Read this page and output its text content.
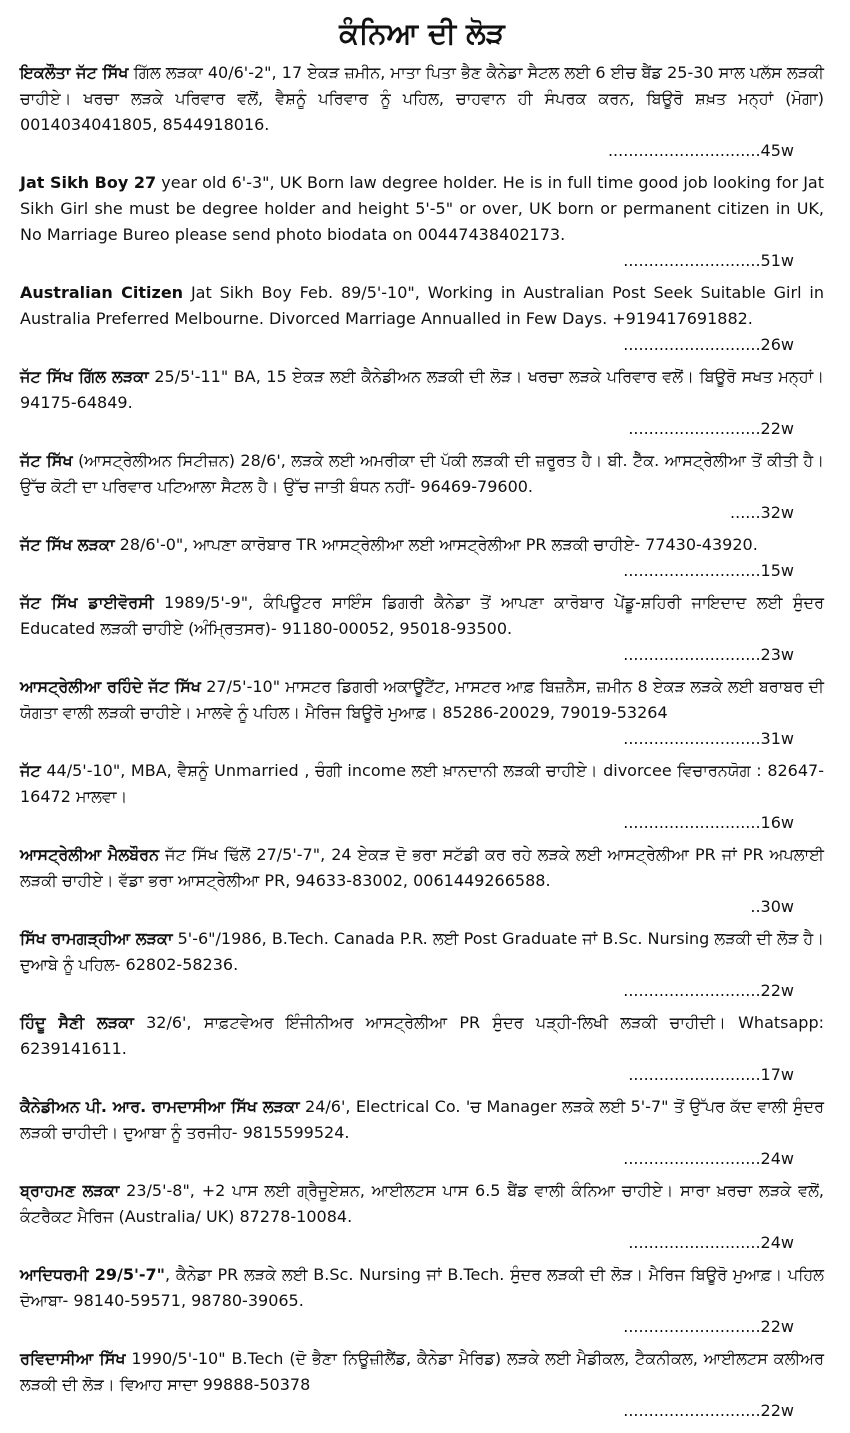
ਕੰਨਿਆ ਦੀ ਲੋੜ

ਇਕਲੌਤਾ ਜੱਟ ਸਿੱਖ ਗਿੱਲ ਲੜਕਾ 40/6'-2", 17 ਏਕੜ ਜ਼ਮੀਨ, ਮਾਤਾ ਪਿਤਾ ਭੈਣ ਕੈਨੇਡਾ ਸੈਟਲ ਲਈ 6 ਈਚ ਬੈਂਡ 25-30 ਸਾਲ ਪਲੱਸ ਲੜਕੀ ਚਾਹੀਏ। ਖਰਚਾ ਲੜਕੇ ਪਰਿਵਾਰ ਵਲੋਂ, ਵੈਸ਼ਨੂੰ ਪਰਿਵਾਰ ਨੂੰ ਪਹਿਲ, ਚਾਹਵਾਨ ਹੀ ਸੰਪਰਕ ਕਰਨ, ਬਿਊਰੋ ਸ਼ਖ਼ਤ ਮਨ੍ਹਾਂ (ਮੋਗਾ) 0014034041805, 8544918016.
..............................45w

Jat Sikh Boy 27 year old 6'-3", UK Born law degree holder. He is in full time good job looking for Jat Sikh Girl she must be degree holder and height 5'-5" or over, UK born or permanent citizen in UK, No Marriage Bureo please send photo biodata on 00447438402173.
...........................51w

Australian Citizen Jat Sikh Boy Feb. 89/5'-10", Working in Australian Post Seek Suitable Girl in Australia Preferred Melbourne. Divorced Marriage Annualled in Few Days. +919417691882.
...........................26w

ਜੱਟ ਸਿੱਖ ਗਿੱਲ ਲੜਕਾ 25/5'-11" BA, 15 ਏਕੜ ਲਈ ਕੈਨੇਡੀਅਨ ਲੜਕੀ ਦੀ ਲੋੜ। ਖਰਚਾ ਲੜਕੇ ਪਰਿਵਾਰ ਵਲੋਂ। ਬਿਊਰੋ ਸਖਤ ਮਨ੍ਹਾਂ। 94175-64849.
..........................22w

ਜੱਟ ਸਿੱਖ (ਆਸਟ੍ਰੇਲੀਅਨ ਸਿਟੀਜ਼ਨ) 28/6', ਲੜਕੇ ਲਈ ਅਮਰੀਕਾ ਦੀ ਪੱਕੀ ਲੜਕੀ ਦੀ ਜ਼ਰੂਰਤ ਹੈ। ਬੀ. ਟੈੱਕ. ਆਸਟ੍ਰੇਲੀਆ ਤੋਂ ਕੀਤੀ ਹੈ। ਉੱਚ ਕੋਟੀ ਦਾ ਪਰਿਵਾਰ ਪਟਿਆਲਾ ਸੈਟਲ ਹੈ। ਉੱਚ ਜਾਤੀ ਬੰਧਨ ਨਹੀਂ- 96469-79600.
......32w

ਜੱਟ ਸਿੱਖ ਲੜਕਾ 28/6'-0", ਆਪਣਾ ਕਾਰੋਬਾਰ TR ਆਸਟ੍ਰੇਲੀਆ ਲਈ ਆਸਟ੍ਰੇਲੀਆ PR ਲੜਕੀ ਚਾਹੀਏ- 77430-43920.
...........................15w

ਜੱਟ ਸਿੱਖ ਡਾਈਵੋਰਸੀ 1989/5'-9", ਕੰਪਿਊਟਰ ਸਾਇੰਸ ਡਿਗਰੀ ਕੈਨੇਡਾ ਤੋਂ ਆਪਣਾ ਕਾਰੋਬਾਰ ਪੇਂਡੂ-ਸ਼ਹਿਰੀ ਜਾਇਦਾਦ ਲਈ ਸੁੰਦਰ Educated ਲੜਕੀ ਚਾਹੀਏ (ਅੰਮ੍ਰਿਤਸਰ)- 91180-00052, 95018-93500.
...........................23w

ਆਸਟ੍ਰੇਲੀਆ ਰਹਿੰਦੇ ਜੱਟ ਸਿੱਖ 27/5'-10" ਮਾਸਟਰ ਡਿਗਰੀ ਅਕਾਊਂਟੈਂਟ, ਮਾਸਟਰ ਆਫ਼ ਬਿਜ਼ਨੈਸ, ਜ਼ਮੀਨ 8 ਏਕੜ ਲੜਕੇ ਲਈ ਬਰਾਬਰ ਦੀ ਯੋਗਤਾ ਵਾਲੀ ਲੜਕੀ ਚਾਹੀਏ। ਮਾਲਵੇ ਨੂੰ ਪਹਿਲ। ਮੈਰਿਜ ਬਿਊਰੋ ਮੁਆਫ਼। 85286-20029, 79019-53264
...........................31w

ਜੱਟ 44/5'-10", MBA, ਵੈਸ਼ਨੂੰ Unmarried , ਚੰਗੀ income ਲਈ ਖ਼ਾਨਦਾਨੀ ਲੜਕੀ ਚਾਹੀਏ। divorcee ਵਿਚਾਰਨਯੋਗ : 82647-16472 ਮਾਲਵਾ।
...........................16w

ਆਸਟ੍ਰੇਲੀਆ ਮੈਲਬੌਰਨ ਜੱਟ ਸਿੱਖ ਢਿੱਲੋਂ 27/5'-7", 24 ਏਕੜ ਦੋ ਭਰਾ ਸਟੱਡੀ ਕਰ ਰਹੇ ਲੜਕੇ ਲਈ ਆਸਟ੍ਰੇਲੀਆ PR ਜਾਂ PR ਅਪਲਾਈ ਲੜਕੀ ਚਾਹੀਏ। ਵੱਡਾ ਭਰਾ ਆਸਟ੍ਰੇਲੀਆ PR, 94633-83002, 0061449266588.
..30w

ਸਿੱਖ ਰਾਮਗੜ੍ਹੀਆ ਲੜਕਾ 5'-6"/1986, B.Tech. Canada P.R. ਲਈ Post Graduate ਜਾਂ B.Sc. Nursing ਲੜਕੀ ਦੀ ਲੋੜ ਹੈ। ਦੁਆਬੇ ਨੂੰ ਪਹਿਲ- 62802-58236.
...........................22w

ਹਿੰਦੂ ਸੈਣੀ ਲੜਕਾ 32/6', ਸਾਫ਼ਟਵੇਅਰ ਇੰਜੀਨੀਅਰ ਆਸਟ੍ਰੇਲੀਆ PR ਸੁੰਦਰ ਪੜ੍ਹੀ-ਲਿਖੀ ਲੜਕੀ ਚਾਹੀਦੀ। Whatsapp: 6239141611.
..........................17w

ਕੈਨੇਡੀਅਨ ਪੀ. ਆਰ. ਰਾਮਦਾਸੀਆ ਸਿੱਖ ਲੜਕਾ 24/6', Electrical Co. 'ਚ Manager ਲੜਕੇ ਲਈ 5'-7" ਤੋਂ ਉੱਪਰ ਕੱਦ ਵਾਲੀ ਸੁੰਦਰ ਲੜਕੀ ਚਾਹੀਦੀ। ਦੁਆਬਾ ਨੂੰ ਤਰਜੀਹ- 9815599524.
...........................24w

ਬ੍ਰਾਹਮਣ ਲੜਕਾ 23/5'-8", +2 ਪਾਸ ਲਈ ਗ੍ਰੈਜੂਏਸ਼ਨ, ਆਈਲਟਸ ਪਾਸ 6.5 ਬੈਂਡ ਵਾਲੀ ਕੰਨਿਆ ਚਾਹੀਏ। ਸਾਰਾ ਖ਼ਰਚਾ ਲੜਕੇ ਵਲੋਂ, ਕੰਟਰੈਕਟ ਮੈਰਿਜ (Australia/ UK) 87278-10084.
..........................24w

ਆਦਿਧਰਮੀ 29/5'-7", ਕੈਨੇਡਾ PR ਲੜਕੇ ਲਈ B.Sc. Nursing ਜਾਂ B.Tech. ਸੁੰਦਰ ਲੜਕੀ ਦੀ ਲੋੜ। ਮੈਰਿਜ ਬਿਊਰੋ ਮੁਆਫ਼। ਪਹਿਲ ਦੋਆਬਾ- 98140-59571, 98780-39065.
...........................22w

ਰਵਿਦਾਸੀਆ ਸਿੱਖ 1990/5'-10" B.Tech (ਦੋ ਭੈਣਾ ਨਿਊਜ਼ੀਲੈਂਡ, ਕੈਨੇਡਾ ਮੈਰਿਡ) ਲੜਕੇ ਲਈ ਮੈਡੀਕਲ, ਟੈਕਨੀਕਲ, ਆਈਲਟਸ ਕਲੀਅਰ ਲੜਕੀ ਦੀ ਲੋੜ। ਵਿਆਹ ਸਾਦਾ 99888-50378
...........................22w
